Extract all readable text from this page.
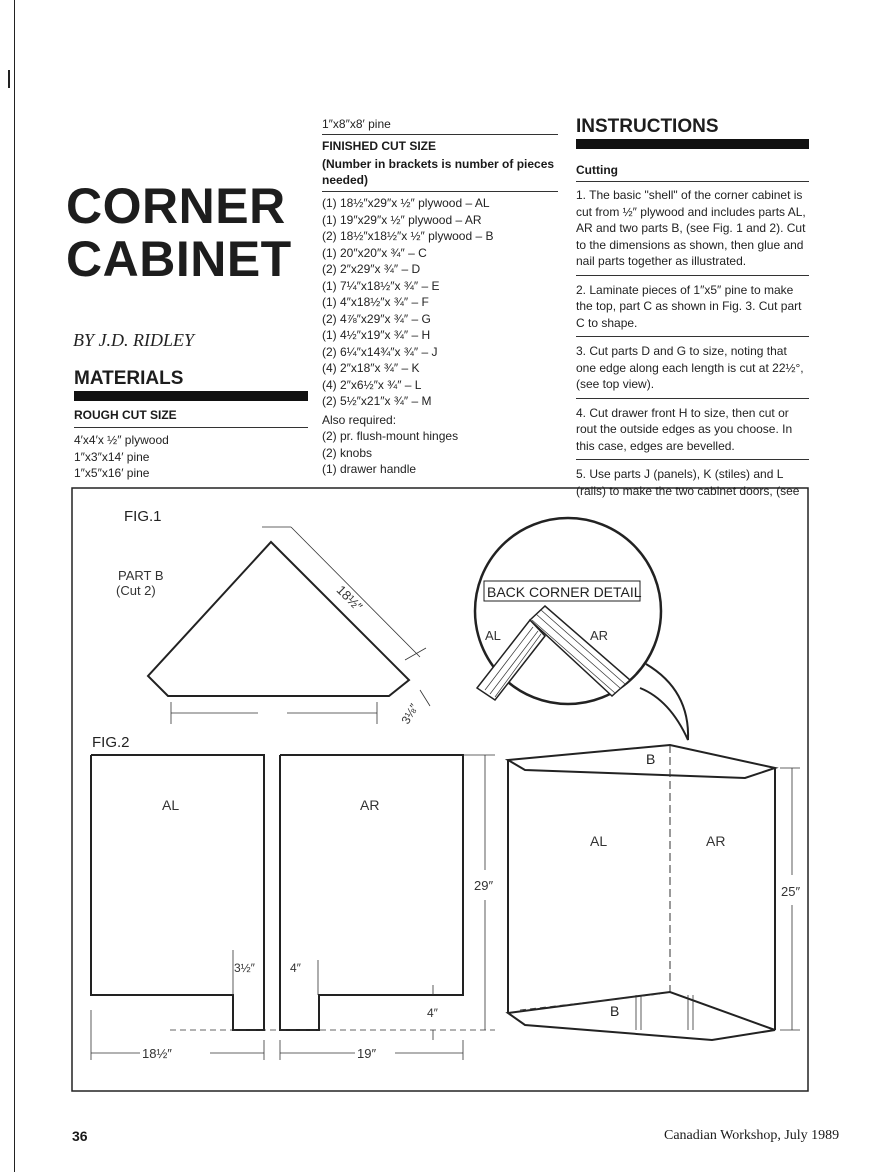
CORNER
CABINET
BY J.D. RIDLEY
MATERIALS
ROUGH CUT SIZE
4′x4′x ½″ plywood
1″x3″x14′ pine
1″x5″x16′ pine
1″x8″x8′ pine
FINISHED CUT SIZE
(Number in brackets is number of pieces needed)
(1) 18½″x29″x ½″ plywood – AL
(1) 19″x29″x ½″ plywood – AR
(2) 18½″x18½″x ½″ plywood – B
(1) 20″x20″x ¾″ – C
(2) 2″x29″x ¾″ – D
(1) 7¼″x18½″x ¾″ – E
(1) 4″x18½″x ¾″ – F
(2) 4⅞″x29″x ¾″ – G
(1) 4½″x19″x ¾″ – H
(2) 6¼″x14¾″x ¾″ – J
(4) 2″x18″x ¾″ – K
(4) 2″x6½″x ¾″ – L
(2) 5½″x21″x ¾″ – M
Also required:
(2) pr. flush-mount hinges
(2) knobs
(1) drawer handle
INSTRUCTIONS
Cutting

1. The basic "shell" of the corner cabinet is cut from ½″ plywood and includes parts AL, AR and two parts B, (see Fig. 1 and 2). Cut to the dimensions as shown, then glue and nail parts together as illustrated.

2. Laminate pieces of 1″x5″ pine to make the top, part C as shown in Fig. 3. Cut part C to shape.

3. Cut parts D and G to size, noting that one edge along each length is cut at 22½°, (see top view).

4. Cut drawer front H to size, then cut or rout the outside edges as you choose. In this case, edges are bevelled.

5. Use parts J (panels), K (stiles) and L (rails) to make the two cabinet doors, (see

FIG.1
PART B
(Cut 2)	18½″
3⅛″
BACK CORNER DETAIL
AL	AR
FIG.2
AL
3½″
AR
4″
29″
4″
18½″	19″
B
B
AL	AR
25″
36	Canadian Workshop, July 1989
